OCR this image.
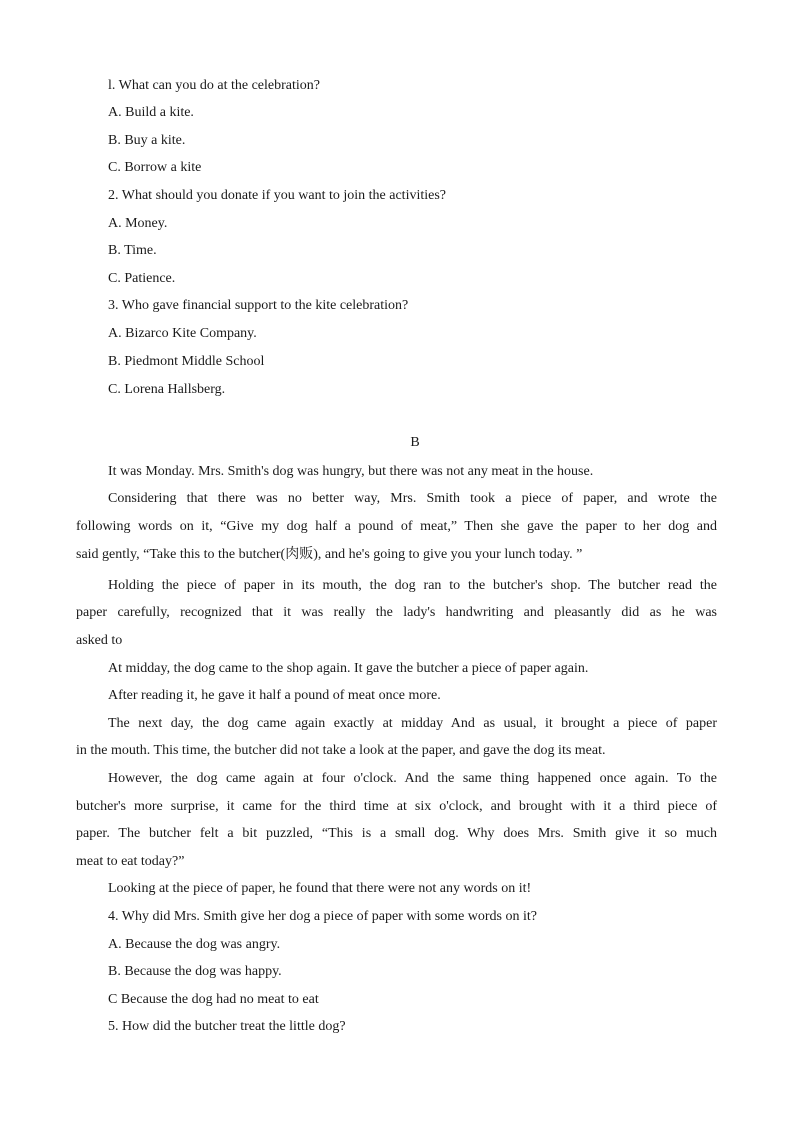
l. What can you do at the celebration?
A. Build a kite.
B. Buy a kite.
C. Borrow a kite
2. What should you donate if you want to join the activities?
A. Money.
B. Time.
C. Patience.
3. Who gave financial support to the kite celebration?
A. Bizarco Kite Company.
B. Piedmont Middle School
C. Lorena Hallsberg.
B
It was Monday. Mrs. Smith's dog was hungry, but there was not any meat in the house.
Considering that there was no better way, Mrs. Smith took a piece of paper, and wrote the
following words on it, “Give my dog half a pound of meat,” Then she gave the paper to her dog and
said gently, “Take this to the butcher(肉贩), and he's going to give you your lunch today. ”
Holding the piece of paper in its mouth, the dog ran to the butcher's shop. The butcher read the
paper carefully, recognized that it was really the lady's handwriting and pleasantly did as he was
asked to
At midday, the dog came to the shop again. It gave the butcher a piece of paper again.
After reading it, he gave it half a pound of meat once more.
The next day, the dog came again exactly at midday And as usual, it brought a piece of paper
in the mouth. This time, the butcher did not take a look at the paper, and gave the dog its meat.
However, the dog came again at four o'clock. And the same thing happened once again. To the
butcher's more surprise, it came for the third time at six o'clock, and brought with it a third piece of
paper. The butcher felt a bit puzzled, “This is a small dog. Why does Mrs. Smith give it so much
meat to eat today?”
Looking at the piece of paper, he found that there were not any words on it!
4. Why did Mrs. Smith give her dog a piece of paper with some words on it?
A. Because the dog was angry.
B. Because the dog was happy.
C Because the dog had no meat to eat
5. How did the butcher treat the little dog?
